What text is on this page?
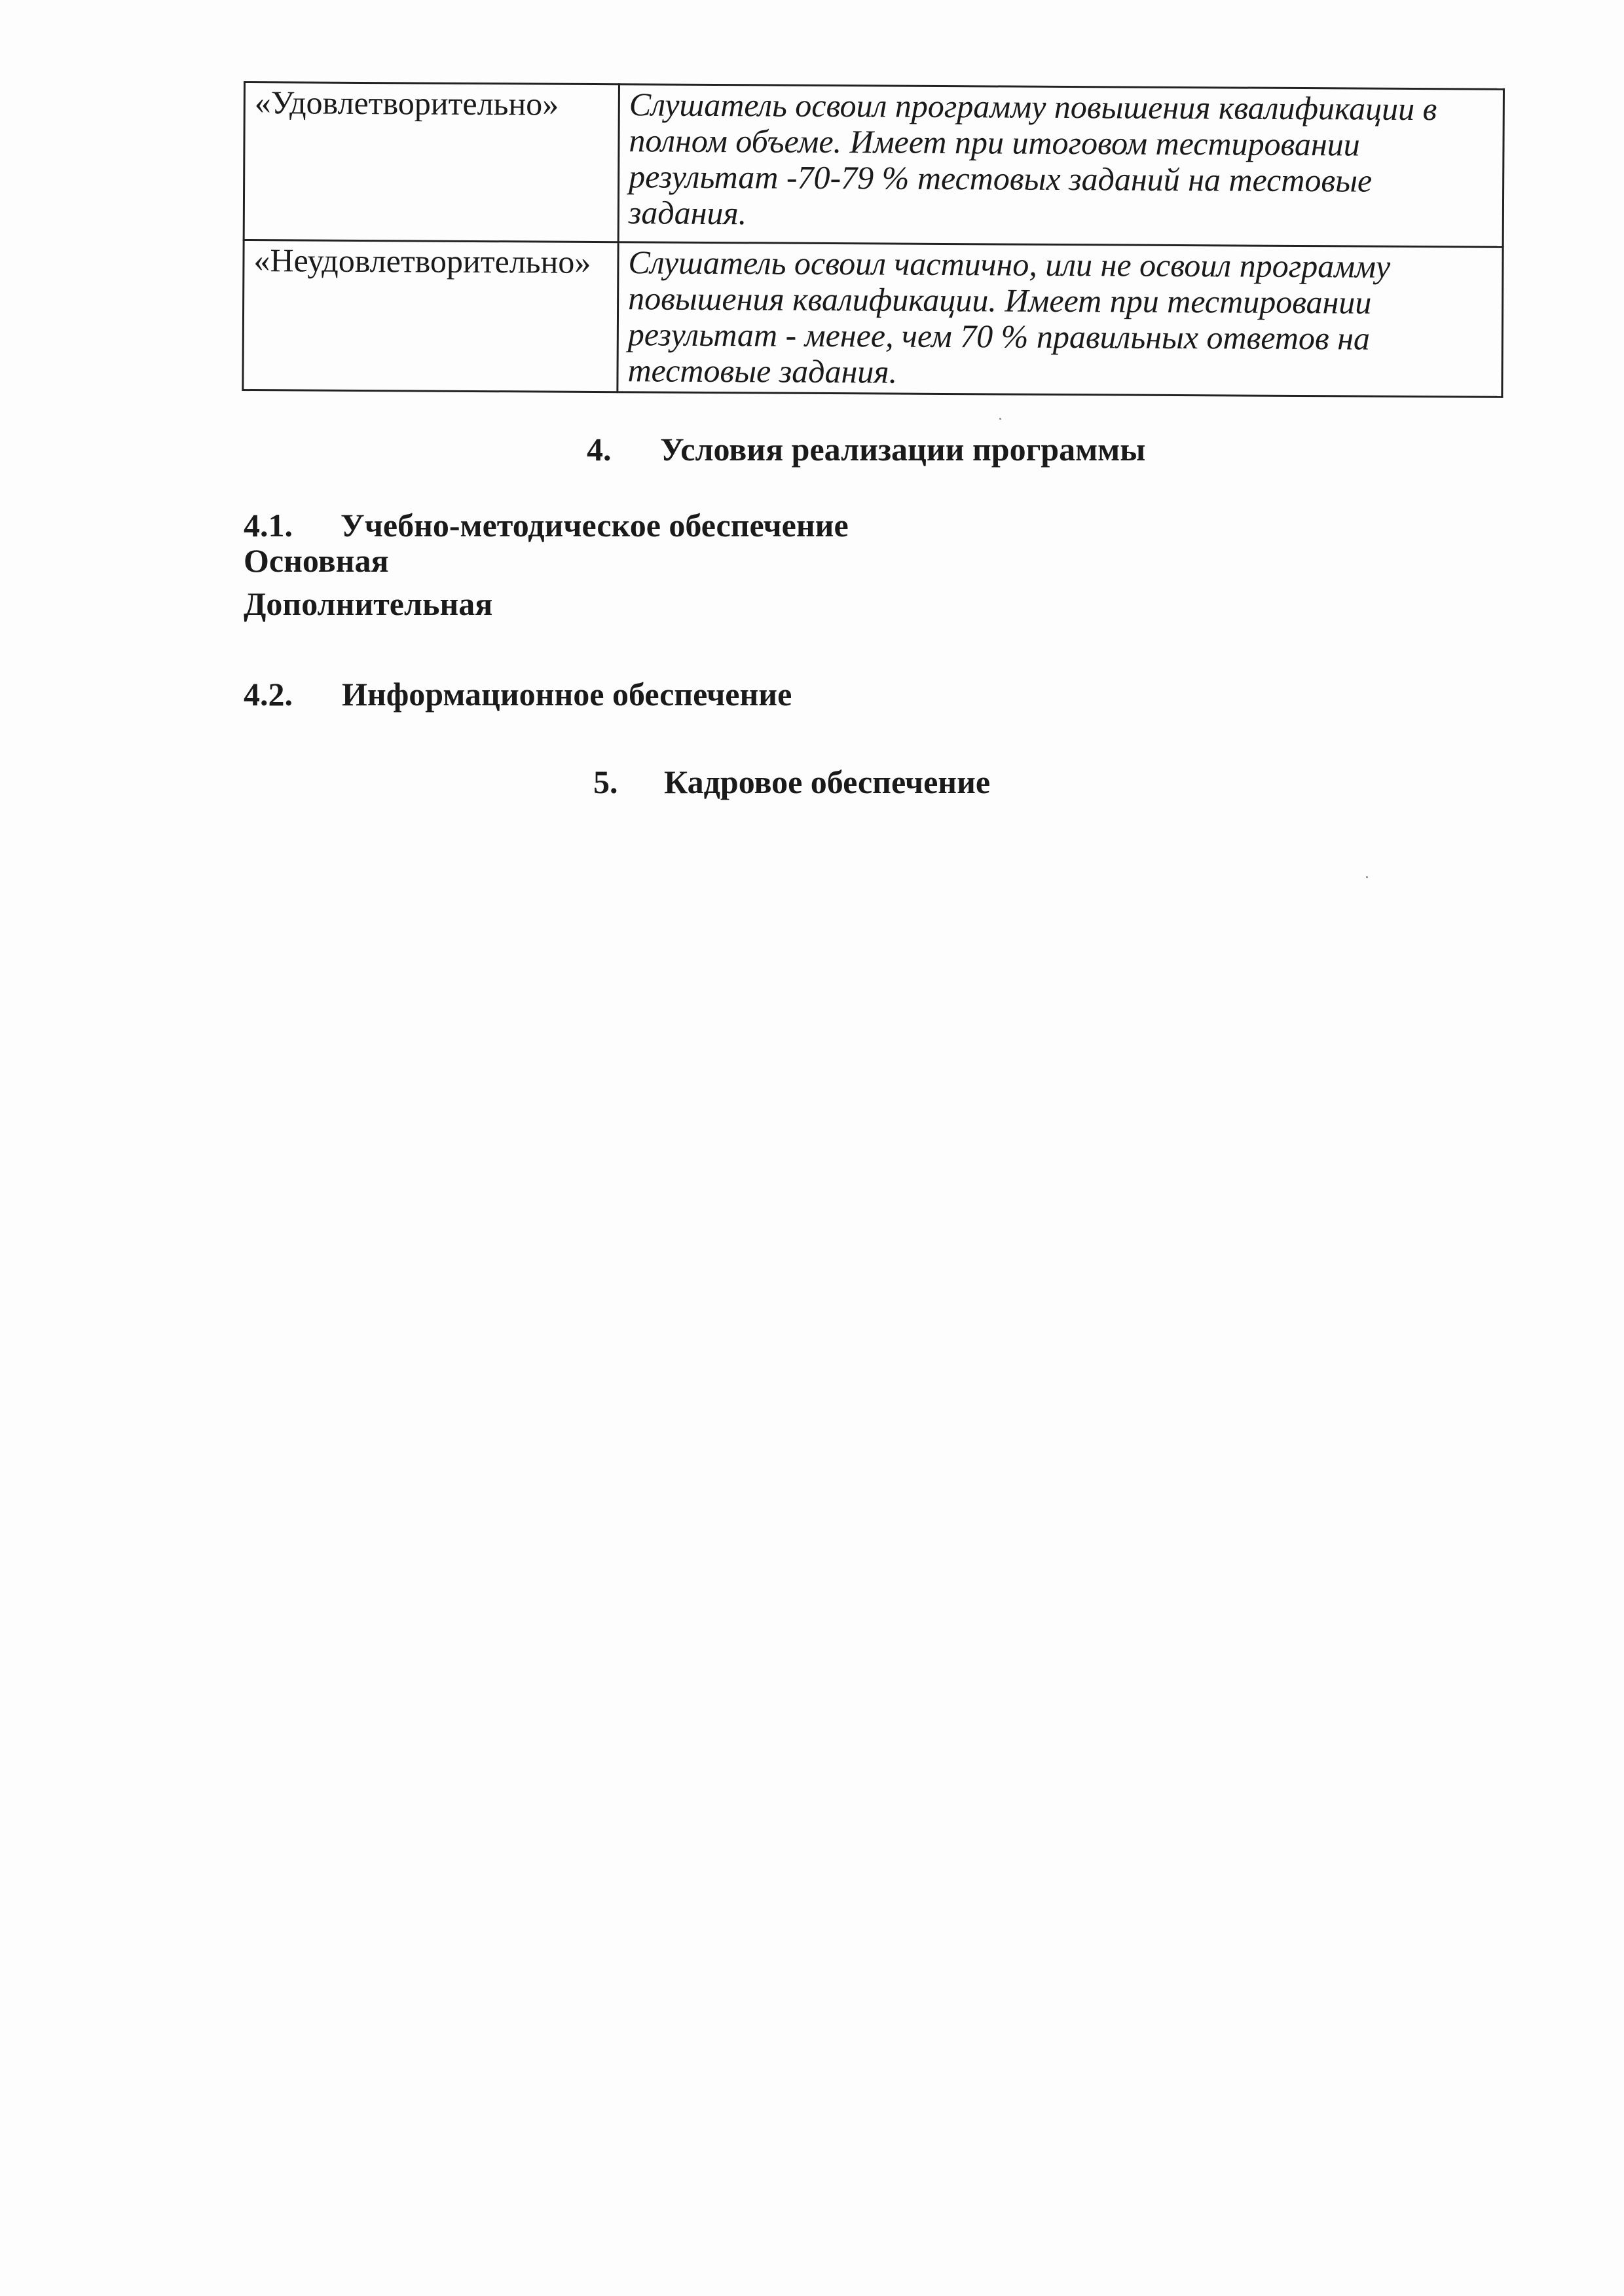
«Удовлетворительно»	Слушатель освоил программу повышения квалификации в полном объеме. Имеет при итоговом тестировании результат -70-79 % тестовых заданий на тестовые задания.
«Неудовлетворительно»	Слушатель освоил частично, или не освоил программу повышения квалификации. Имеет при тестировании результат - менее, чем 70 % правильных ответов на тестовые задания.
4. Условия реализации программы
4.1. Учебно-методическое обеспечение
Основная
Дополнительная
4.2. Информационное обеспечение
5. Кадровое обеспечение
